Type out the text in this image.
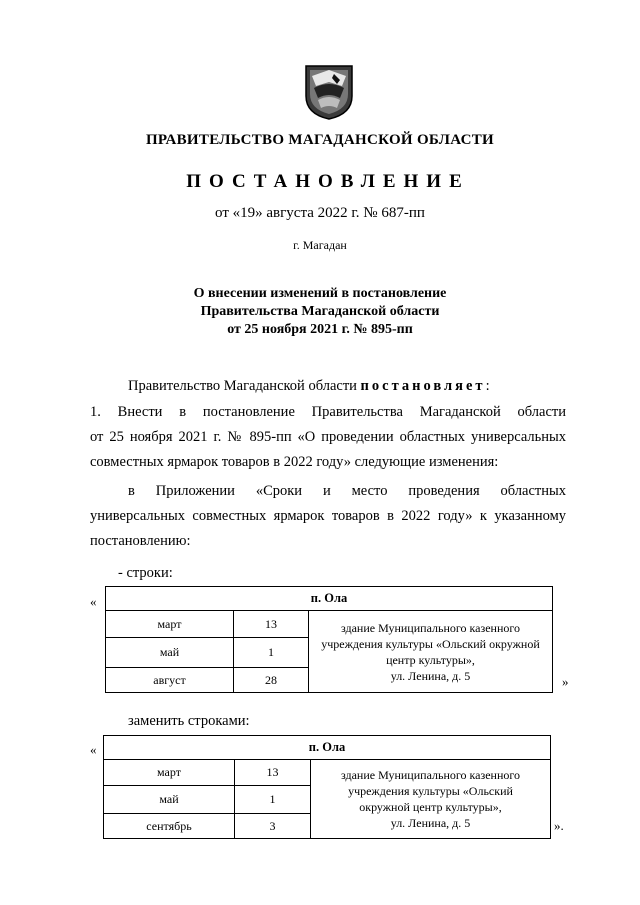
ПРАВИТЕЛЬСТВО МАГАДАНСКОЙ ОБЛАСТИ
ПОСТАНОВЛЕНИЕ
от «19» августа 2022 г. № 687-пп
г. Магадан
О внесении изменений в постановление
Правительства Магаданской области
от 25 ноября 2021 г. № 895-пп
Правительство Магаданской области постановляет:
1. Внести в постановление Правительства Магаданской области
от 25 ноября 2021 г. № 895-пп «О проведении областных универсальных
совместных ярмарок товаров в 2022 году» следующие изменения:
в Приложении «Сроки и место проведения областных
универсальных совместных ярмарок товаров в 2022 году» к указанному
постановлению:
- строки:
«	п. Ола		
март	13	здание Муниципального казенного
учреждения культуры «Ольский окружной
центр культуры»,
ул. Ленина, д. 5

май	1	
август	28		»
заменить строками:
«	п. Ола		
март	13	здание Муниципального казенного
учреждения культуры «Ольский
окружной центр культуры»,
ул. Ленина, д. 5

май	1	
сентябрь	3		».
